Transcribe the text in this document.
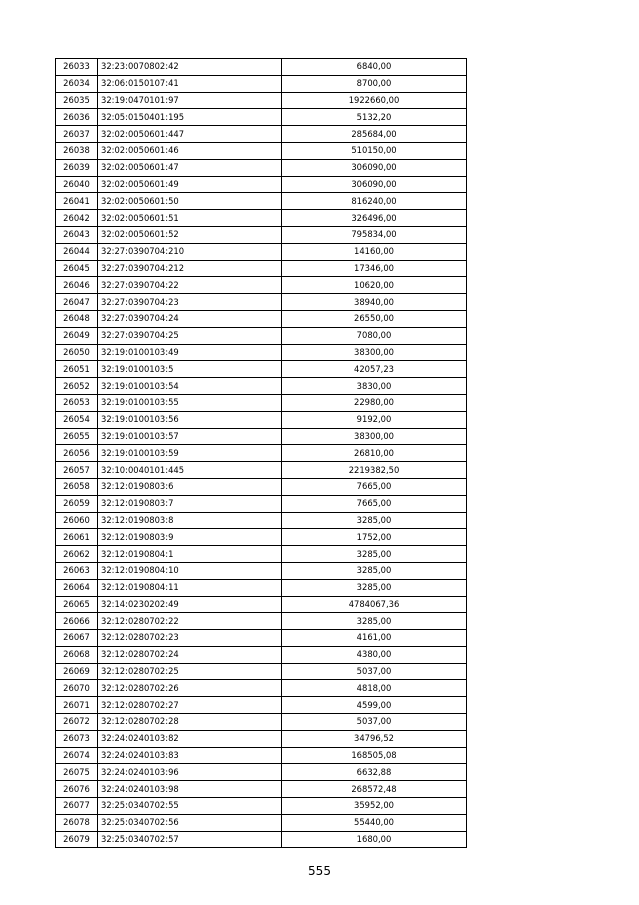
26033	32:23:0070802:42	6840,00
26034	32:06:0150107:41	8700,00
26035	32:19:0470101:97	1922660,00
26036	32:05:0150401:195	5132,20
26037	32:02:0050601:447	285684,00
26038	32:02:0050601:46	510150,00
26039	32:02:0050601:47	306090,00
26040	32:02:0050601:49	306090,00
26041	32:02:0050601:50	816240,00
26042	32:02:0050601:51	326496,00
26043	32:02:0050601:52	795834,00
26044	32:27:0390704:210	14160,00
26045	32:27:0390704:212	17346,00
26046	32:27:0390704:22	10620,00
26047	32:27:0390704:23	38940,00
26048	32:27:0390704:24	26550,00
26049	32:27:0390704:25	7080,00
26050	32:19:0100103:49	38300,00
26051	32:19:0100103:5	42057,23
26052	32:19:0100103:54	3830,00
26053	32:19:0100103:55	22980,00
26054	32:19:0100103:56	9192,00
26055	32:19:0100103:57	38300,00
26056	32:19:0100103:59	26810,00
26057	32:10:0040101:445	2219382,50
26058	32:12:0190803:6	7665,00
26059	32:12:0190803:7	7665,00
26060	32:12:0190803:8	3285,00
26061	32:12:0190803:9	1752,00
26062	32:12:0190804:1	3285,00
26063	32:12:0190804:10	3285,00
26064	32:12:0190804:11	3285,00
26065	32:14:0230202:49	4784067,36
26066	32:12:0280702:22	3285,00
26067	32:12:0280702:23	4161,00
26068	32:12:0280702:24	4380,00
26069	32:12:0280702:25	5037,00
26070	32:12:0280702:26	4818,00
26071	32:12:0280702:27	4599,00
26072	32:12:0280702:28	5037,00
26073	32:24:0240103:82	34796,52
26074	32:24:0240103:83	168505,08
26075	32:24:0240103:96	6632,88
26076	32:24:0240103:98	268572,48
26077	32:25:0340702:55	35952,00
26078	32:25:0340702:56	55440,00
26079	32:25:0340702:57	1680,00
555
